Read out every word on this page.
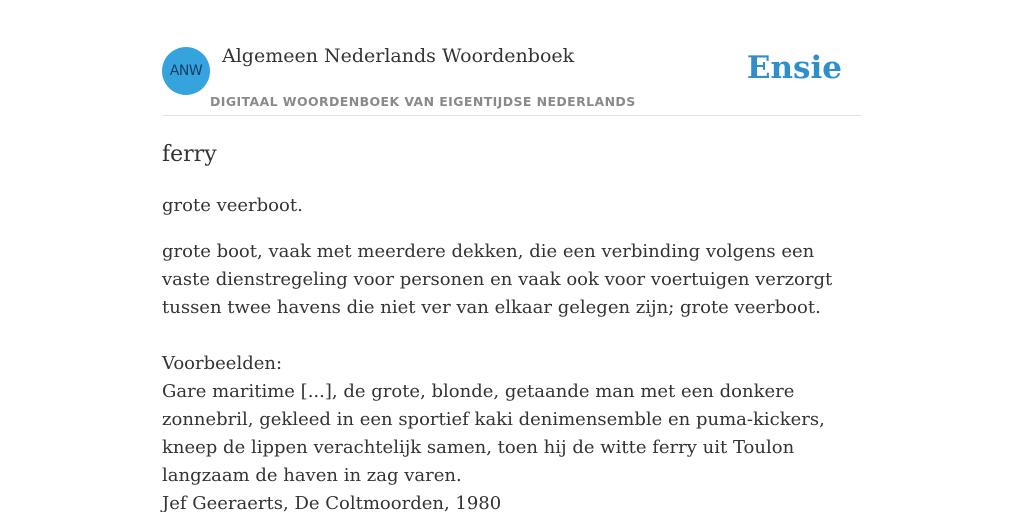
ANW
Algemeen Nederlands Woordenboek
DIGITAAL WOORDENBOEK VAN EIGENTIJDSE NEDERLANDS
Ensie
ferry

grote veerboot.

grote boot, vaak met meerdere dekken, die een verbinding volgens een vaste dienstregeling voor personen en vaak ook voor voertuigen verzorgt tussen twee havens die niet ver van elkaar gelegen zijn; grote veerboot.

Voorbeelden:

Gare maritime [...], de grote, blonde, getaande man met een donkere zonnebril, gekleed in een sportief kaki denimensemble en puma-kickers, kneep de lippen verachtelijk samen, toen hij de witte ferry uit Toulon langzaam de haven in zag varen.

Jef Geeraerts, De Coltmoorden, 1980
